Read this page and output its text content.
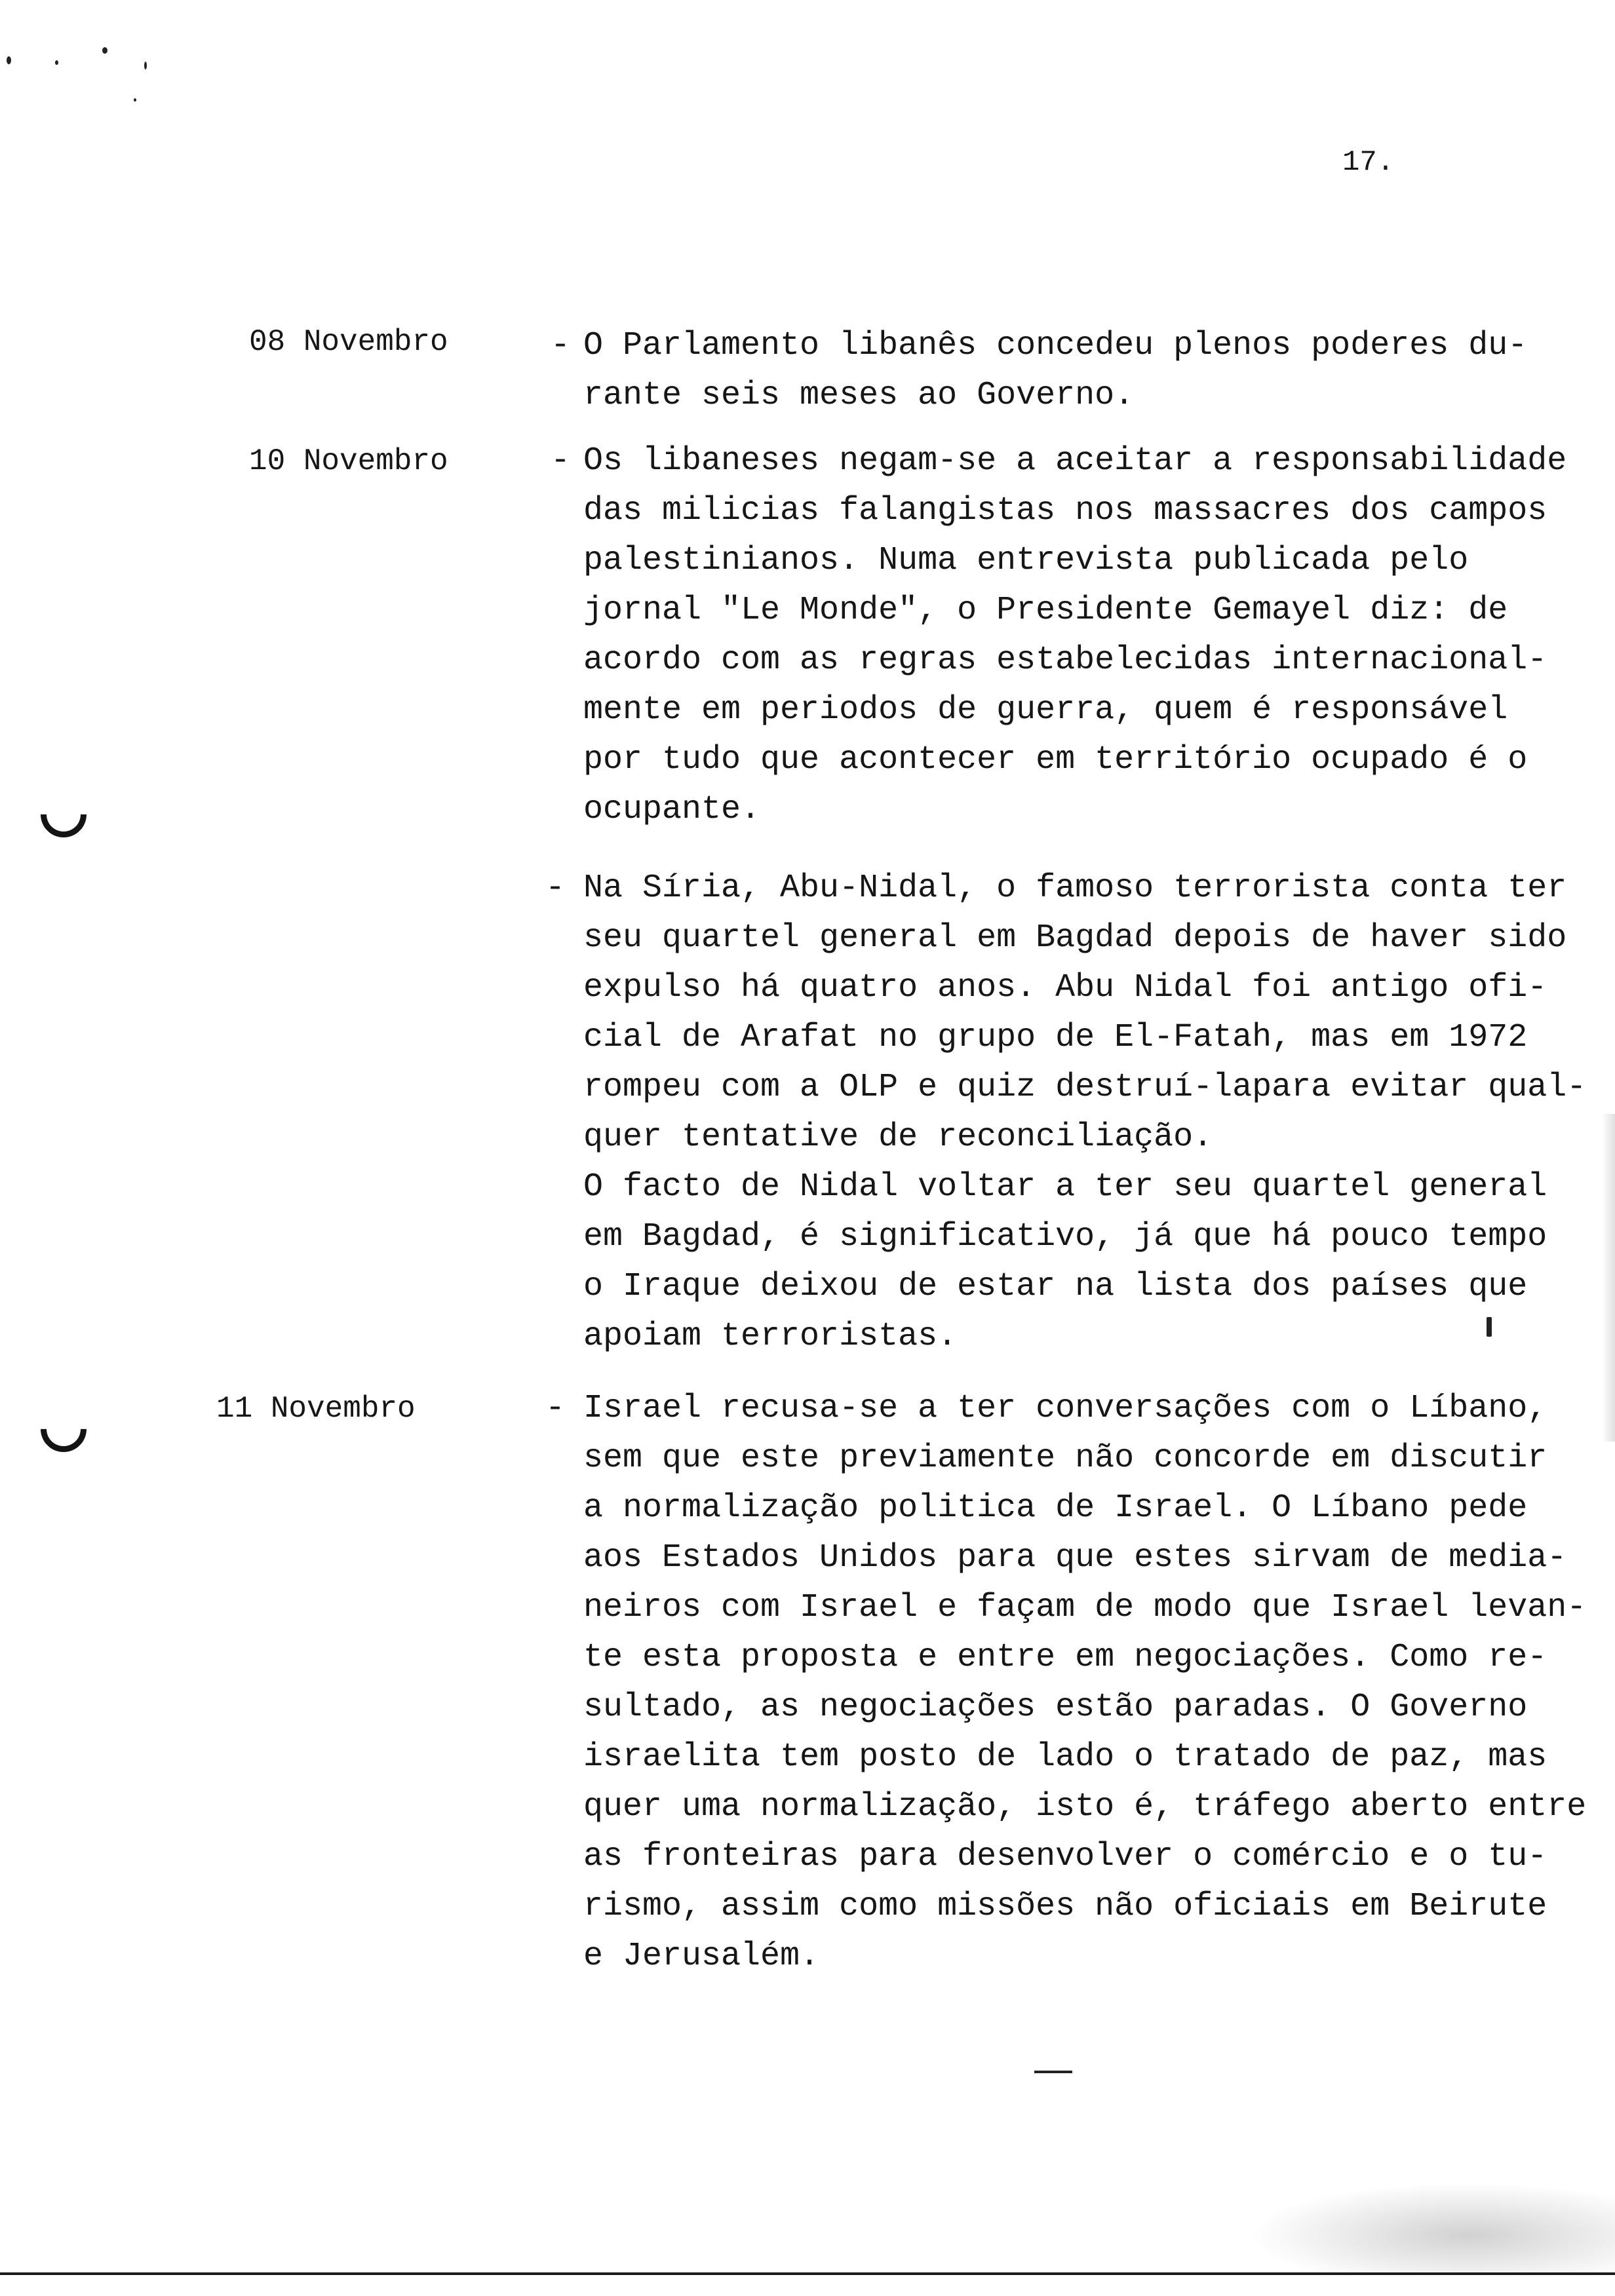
17.
08 Novembro	- O Parlamento libanês concedeu plenos poderes du-
rante seis meses ao Governo.

10 Novembro	- Os libaneses negam-se a aceitar a responsabilidade
das milicias falangistas nos massacres dos campos
palestinianos. Numa entrevista publicada pelo
jornal "Le Monde", o Presidente Gemayel diz: de
acordo com as regras estabelecidas internacional-
mente em periodos de guerra, quem é responsável
por tudo que acontecer em território ocupado é o
ocupante.

- Na Síria, Abu-Nidal, o famoso terrorista conta ter
seu quartel general em Bagdad depois de haver sido
expulso há quatro anos. Abu Nidal foi antigo ofi-
cial de Arafat no grupo de El-Fatah, mas em 1972
rompeu com a OLP e quiz destruí-lapara evitar qual-
quer tentative de reconciliação.
O facto de Nidal voltar a ter seu quartel general
em Bagdad, é significativo, já que há pouco tempo
o Iraque deixou de estar na lista dos países que
apoiam terroristas.

11 Novembro	- Israel recusa-se a ter conversações com o Líbano,
sem que este previamente não concorde em discutir
a normalização politica de Israel. O Líbano pede
aos Estados Unidos para que estes sirvam de media-
neiros com Israel e façam de modo que Israel levan-
te esta proposta e entre em negociações. Como re-
sultado, as negociações estão paradas. O Governo
israelita tem posto de lado o tratado de paz, mas
quer uma normalização, isto é, tráfego aberto entre
as fronteiras para desenvolver o comércio e o tu-
rismo, assim como missões não oficiais em Beirute
e Jerusalém.
